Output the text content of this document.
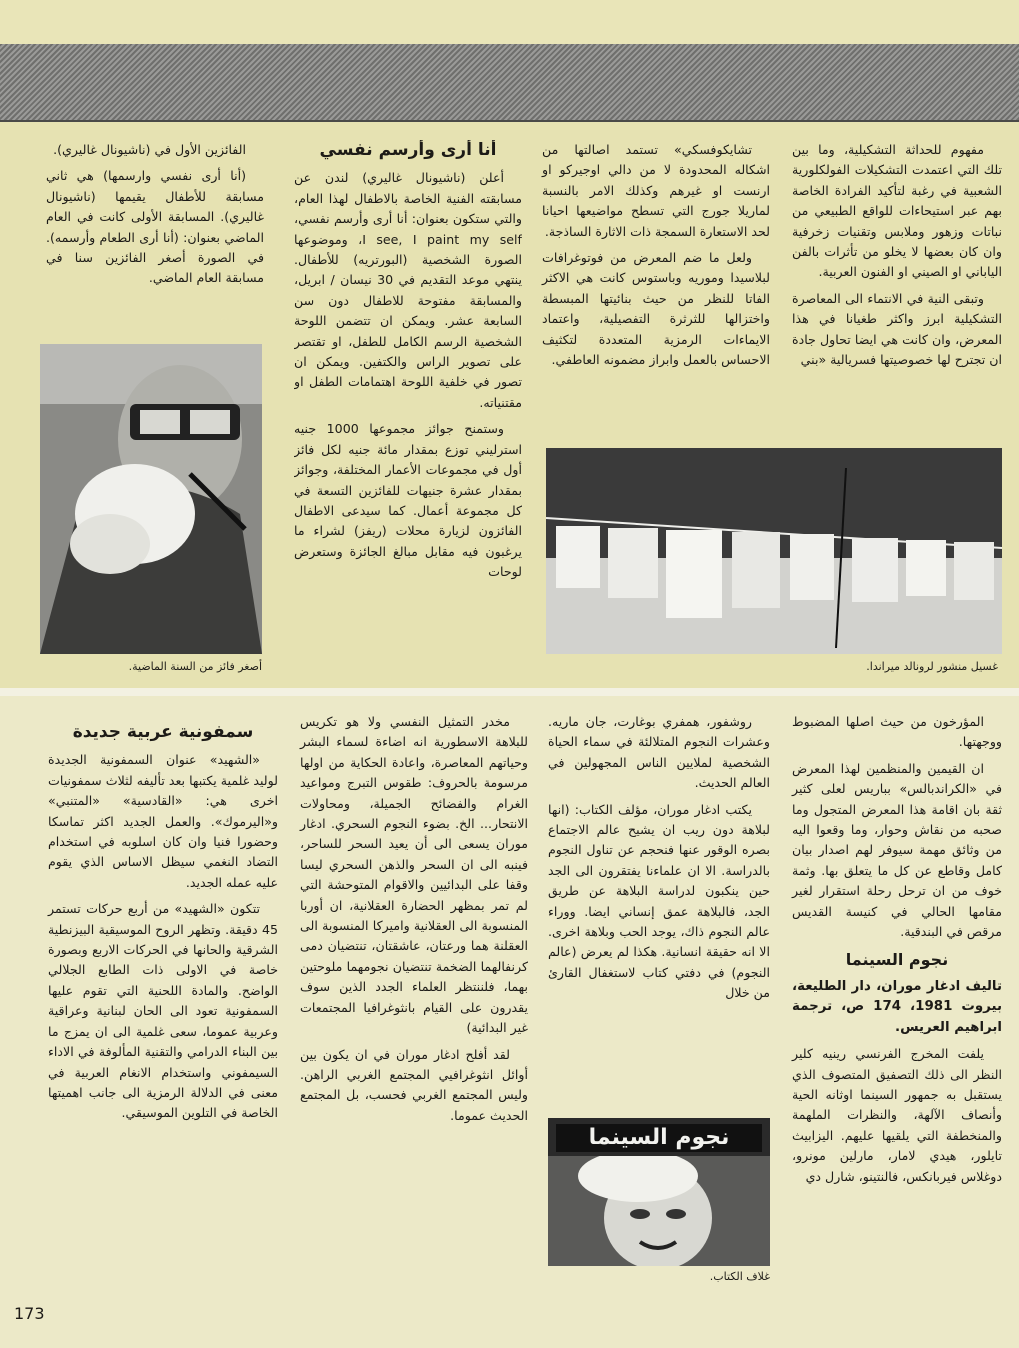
مفهوم للحداثة التشكيلية، وما بين تلك التي اعتمدت التشكيلات الفولكلورية الشعبية في رغبة لتأكيد الفرادة الخاصة بهم عبر استيحاءات للواقع الطبيعي من نباتات وزهور وملابس وتقنيات زخرفية وان كان بعضها لا يخلو من تأثرات بالفن الياباني او الصيني او الفنون العربية.

وتبقى النية في الانتماء الى المعاصرة التشكيلية ابرز واكثر طغيانا في هذا المعرض، وان كانت هي ايضا تحاول جادة ان تجترح لها خصوصيتها فسريالية «بني

تشايكوفسكي» تستمد اصالتها من اشكاله المحدودة لا من دالي اوجيركو او ارنست او غيرهم وكذلك الامر بالنسبة لماريلا جورج التي تسطح مواضيعها احيانا لحد الاستعارة السمجة ذات الاثارة الساذجة.

ولعل ما ضم المعرض من فوتوغرافات لبلاسيدا وموريه وباستوس كانت هي الاكثر الفاتا للنظر من حيث بنائيتها المبسطة واختزالها للثرثرة التفصيلية، واعتماد الايماءات الرمزية المتعددة لتكثيف الاحساس بالعمل وابراز مضمونه العاطفي.

أنا أرى وأرسم نفسي

أعلن (ناشيونال غاليري) لندن عن مسابقته الفنية الخاصة بالاطفال لهذا العام، والتي ستكون بعنوان: أنا أرى وأرسم نفسي، I see, I paint my self، وموضوعها الصورة الشخصية (البورتريه) للأطفال. ينتهي موعد التقديم في 30 نيسان / ابريل، والمسابقة مفتوحة للاطفال دون سن السابعة عشر. ويمكن ان تتضمن اللوحة الشخصية الرسم الكامل للطفل، او تقتصر على تصوير الراس والكتفين. ويمكن ان تصور في خلفية اللوحة اهتمامات الطفل او مقتنياته.

وستمنح جوائز مجموعها 1000 جنيه استرليني توزع بمقدار مائة جنيه لكل فائز أول في مجموعات الأعمار المختلفة، وجوائز بمقدار عشرة جنيهات للفائزين التسعة في كل مجموعة أعمال. كما سيدعى الاطفال الفائزون لزيارة محلات (ريفز) لشراء ما يرغبون فيه مقابل مبالغ الجائزة وستعرض لوحات

الفائزين الأول في (ناشيونال غاليري).

(أنا أرى نفسي وارسمها) هي ثاني مسابقة للأطفال يقيمها (ناشيونال غاليري). المسابقة الأولى كانت في العام الماضي بعنوان: (أنا أرى الطعام وأرسمه). في الصورة أصغر الفائزين سنا في مسابقة العام الماضي.

غسيل منشور لرونالد ميراندا.
أصغر فائز من السنة الماضية.

المؤرخون من حيث اصلها المضبوط ووجهتها.

ان القيمين والمنظمين لهذا المعرض في «الكراندبالس» بباريس لعلى كثير ثقة بان اقامة هذا المعرض المتجول وما صحبه من نقاش وحوار، وما وقعوا اليه من وثائق مهمة سيوفر لهم اصدار بيان كامل وقاطع عن كل ما يتعلق بها. وثمة خوف من ان ترحل رحلة استقرار لغير مقامها الحالي في كنيسة القديس مرقص في البندقية.

نجوم السينما

تاليف ادغار موران، دار الطليعة، بيروت 1981، 174 ص، ترجمة ابراهيم العريس.

يلفت المخرج الفرنسي رينيه كلير النظر الى ذلك التصفيق المتصوف الذي يستقبل به جمهور السينما اوثانه الحية وأنصاف الآلهة، والنظرات الملهمة والمنخطفة التي يلقيها عليهم. اليزابيث تايلور، هيدي لامار، مارلين مونرو، دوغلاس فيربانكس، فالنتينو، شارل دي

روشفور، همفري بوغارت، جان ماريه. وعشرات النجوم المتلالئة في سماء الحياة الشخصية لملايين الناس المجهولين في العالم الحديث.

يكتب ادغار موران، مؤلف الكتاب: (انها لبلاهة دون ريب ان يشيح عالم الاجتماع بصره الوقور عنها فنحجم عن تناول النجوم بالدراسة. الا ان علماءنا يفتقرون الى الجد حين ينكبون لدراسة البلاهة عن طريق الجد، فالبلاهة عمق إنساني ايضا. ووراء عالم النجوم ذاك، يوجد الحب وبلاهة اخرى. الا انه حقيقة انسانية. هكذا لم يعرض (عالم النجوم) في دفتي كتاب لاستغفال القارئ من خلال

نجوم السينما
غلاف الكتاب.

مخدر التمثيل النفسي ولا هو تكريس للبلاهة الاسطورية انه اضاءة لسماء البشر وحياتهم المعاصرة، واعادة الحكاية من اولها مرسومة بالحروف: طقوس التبرج ومواعيد الغرام والفضائح الجميلة، ومحاولات الانتحار... الخ. بضوء النجوم السحري. ادغار موران يسعى الى أن يعيد السحر للساحر، فينبه الى ان السحر والذهن السحري ليسا وقفا على البدائيين والاقوام المتوحشة التي لم تمر بمظهر الحضارة العقلانية، ان أوربا المنسوبة الى العقلانية واميركا المنسوبة الى العقلنة هما ورعتان، عاشقتان، تنتضيان دمى كرنفالهما الضخمة تنتضيان نجومهما ملوحتين بهما، فلننتظر العلماء الجدد الذين سوف يقدرون على القيام بانثوغرافيا المجتمعات غير البدائية)

لقد أفلح ادغار موران في ان يكون بين أوائل انثوغرافيي المجتمع الغربي الراهن. وليس المجتمع الغربي فحسب، بل المجتمع الحديث عموما.

سمفونية عربية جديدة

«الشهيد» عنوان السمفونية الجديدة لوليد غلمية يكتبها بعد تأليفه لثلاث سمفونيات اخرى هي: «القادسية» «المتنبي» و«اليرموك». والعمل الجديد اكثر تماسكا وحضورا فنيا وان كان اسلوبه في استخدام التضاد النغمي سيظل الاساس الذي يقوم عليه عمله الجديد.

تتكون «الشهيد» من أربع حركات تستمر 45 دقيقة. وتظهر الروح الموسيقية البيزنطية الشرقية والحانها في الحركات الاربع وبصورة خاصة في الاولى ذات الطابع الجلالي الواضح. والمادة اللحنية التي تقوم عليها السمفونية تعود الى الحان لبنانية وعراقية وعربية عموما، سعى غلمية الى ان يمزج ما بين البناء الدرامي والتقنية المألوفة في الاداء السيمفوني واستخدام الانغام العربية في معنى في الدلالة الرمزية الى جانب اهميتها الخاصة في التلوين الموسيقي.

173
